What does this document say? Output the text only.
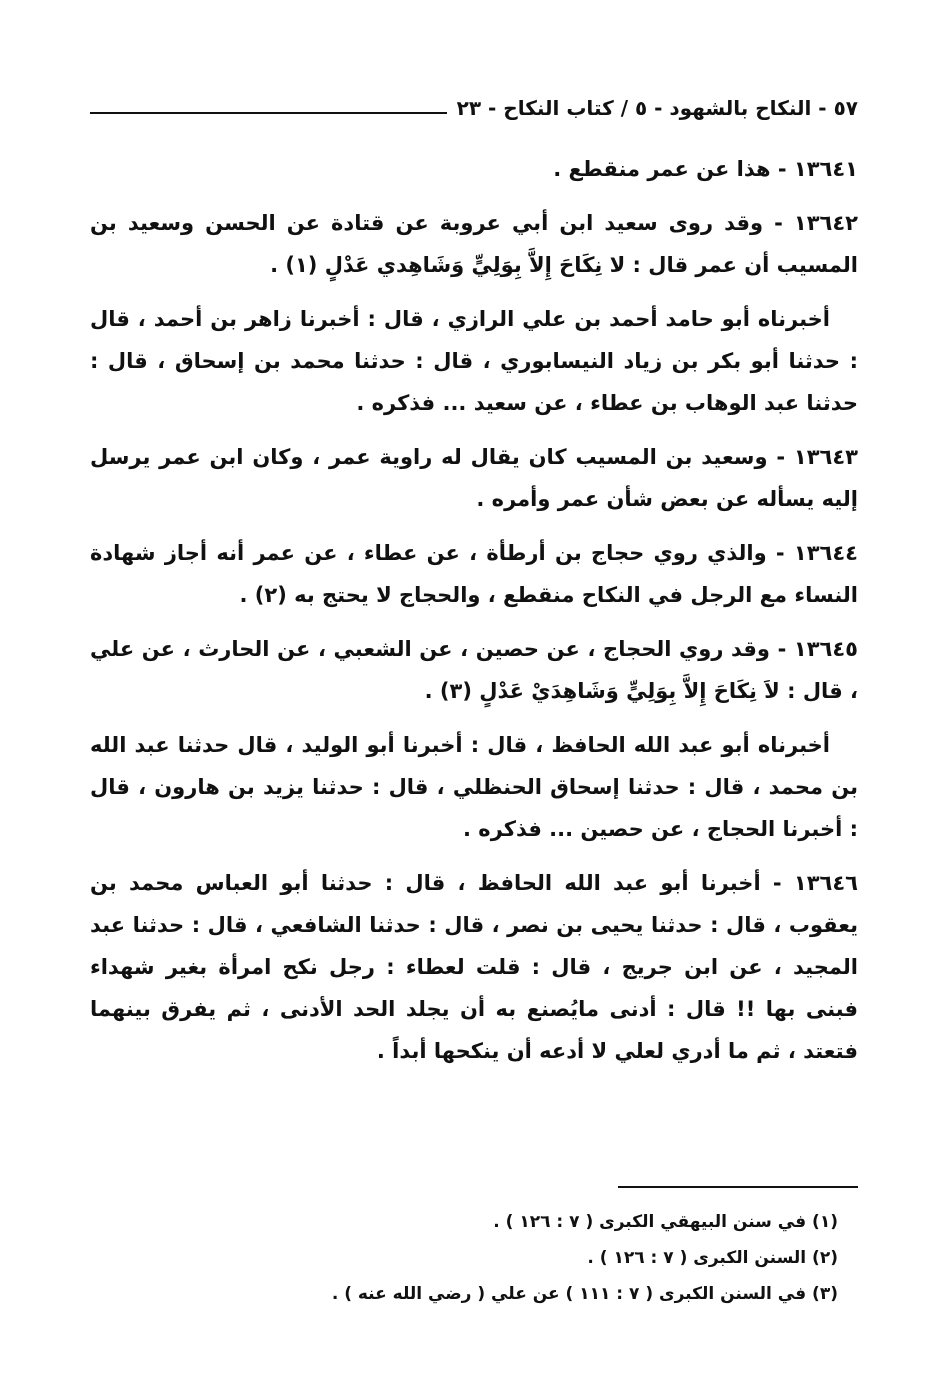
٥٧ - النكاح بالشهود - ٥ / كتاب النكاح - ٢٣

١٣٦٤١ - هذا عن عمر منقطع .

١٣٦٤٢ - وقد روى سعيد ابن أبي عروبة عن قتادة عن الحسن وسعيد بن المسيب أن عمر قال : لا نِكَاحَ إِلاَّ بِوَلِيٍّ وَشَاهِدي عَدْلٍ (١) .

أخبرناه أبو حامد أحمد بن علي الرازي ، قال : أخبرنا زاهر بن أحمد ، قال : حدثنا أبو بكر بن زياد النيسابوري ، قال : حدثنا محمد بن إسحاق ، قال : حدثنا عبد الوهاب بن عطاء ، عن سعيد ... فذكره .

١٣٦٤٣ - وسعيد بن المسيب كان يقال له راوية عمر ، وكان ابن عمر يرسل إليه يسأله عن بعض شأن عمر وأمره .

١٣٦٤٤ - والذي روي حجاج بن أرطأة ، عن عطاء ، عن عمر أنه أجاز شهادة النساء مع الرجل في النكاح منقطع ، والحجاج لا يحتج به (٢) .

١٣٦٤٥ - وقد روي الحجاج ، عن حصين ، عن الشعبي ، عن الحارث ، عن علي ، قال : لاَ نِكَاحَ إِلاَّ بِوَلِيٍّ وَشَاهِدَيْ عَدْلٍ (٣) .

أخبرناه أبو عبد الله الحافظ ، قال : أخبرنا أبو الوليد ، قال حدثنا عبد الله بن محمد ، قال : حدثنا إسحاق الحنظلي ، قال : حدثنا يزيد بن هارون ، قال : أخبرنا الحجاج ، عن حصين ... فذكره .

١٣٦٤٦ - أخبرنا أبو عبد الله الحافظ ، قال : حدثنا أبو العباس محمد بن يعقوب ، قال : حدثنا يحيى بن نصر ، قال : حدثنا الشافعي ، قال : حدثنا عبد المجيد ، عن ابن جريج ، قال : قلت لعطاء : رجل نكح امرأة بغير شهداء فبنى بها !! قال : أدنى مايُصنع به أن يجلد الحد الأدنى ، ثم يفرق بينهما فتعتد ، ثم ما أدري لعلي لا أدعه أن ينكحها أبداً .

(١) في سنن البيهقي الكبرى ( ٧ : ١٢٦ ) .
(٢) السنن الكبرى ( ٧ : ١٢٦ ) .
(٣) في السنن الكبرى ( ٧ : ١١١ ) عن علي ( رضي الله عنه ) .
